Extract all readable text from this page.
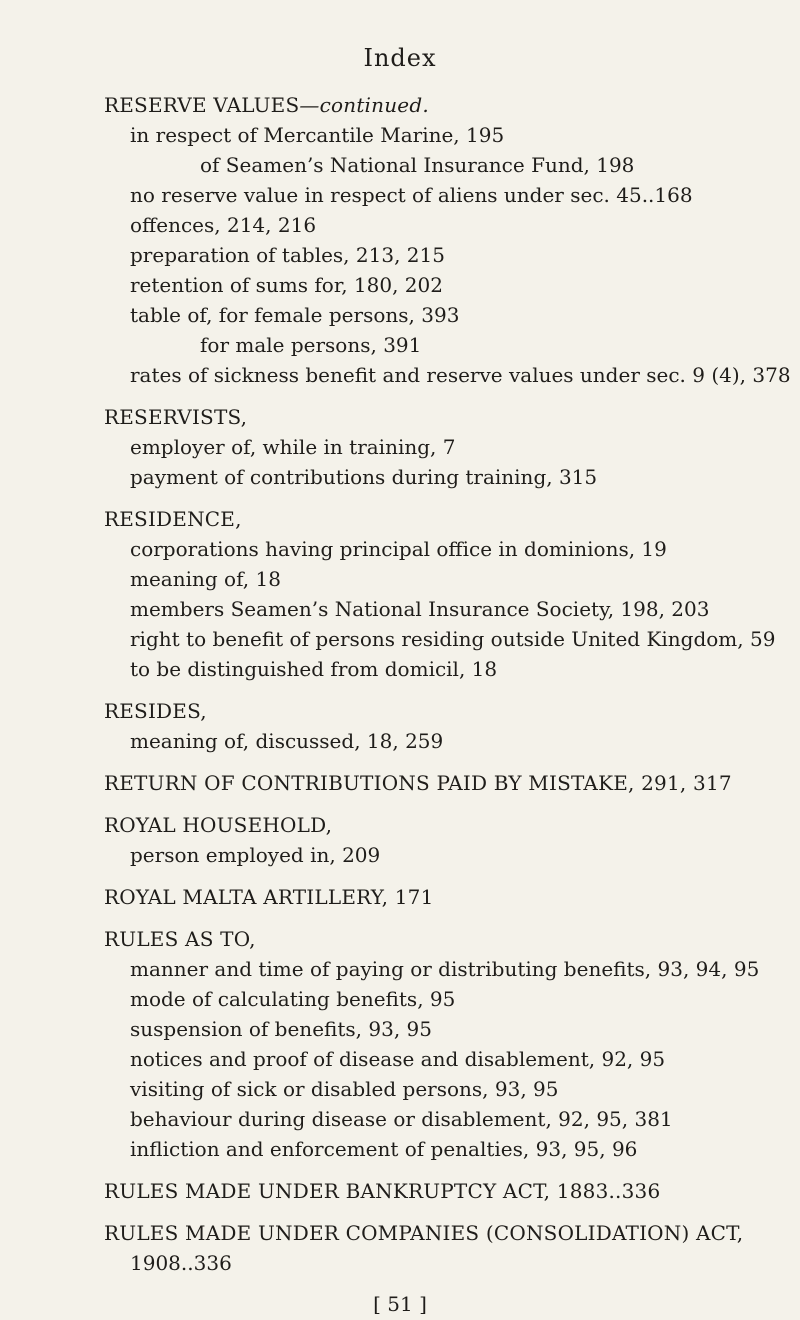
Index
RESERVE VALUES—continued.
in respect of Mercantile Marine, 195
of Seamen’s National Insurance Fund, 198
no reserve value in respect of aliens under sec. 45..168
offences, 214, 216
preparation of tables, 213, 215
retention of sums for, 180, 202
table of, for female persons, 393
for male persons, 391
rates of sickness benefit and reserve values under sec. 9 (4), 378
RESERVISTS,
employer of, while in training, 7
payment of contributions during training, 315
RESIDENCE,
corporations having principal office in dominions, 19
meaning of, 18
members Seamen’s National Insurance Society, 198, 203
right to benefit of persons residing outside United Kingdom, 59
to be distinguished from domicil, 18
RESIDES,
meaning of, discussed, 18, 259
RETURN OF CONTRIBUTIONS PAID BY MISTAKE, 291, 317
ROYAL HOUSEHOLD,
person employed in, 209
ROYAL MALTA ARTILLERY, 171
RULES AS TO,
manner and time of paying or distributing benefits, 93, 94, 95
mode of calculating benefits, 95
suspension of benefits, 93, 95
notices and proof of disease and disablement, 92, 95
visiting of sick or disabled persons, 93, 95
behaviour during disease or disablement, 92, 95, 381
infliction and enforcement of penalties, 93, 95, 96
RULES MADE UNDER BANKRUPTCY ACT, 1883..336
RULES MADE UNDER COMPANIES (CONSOLIDATION) ACT,
1908..336
[ 51 ]
